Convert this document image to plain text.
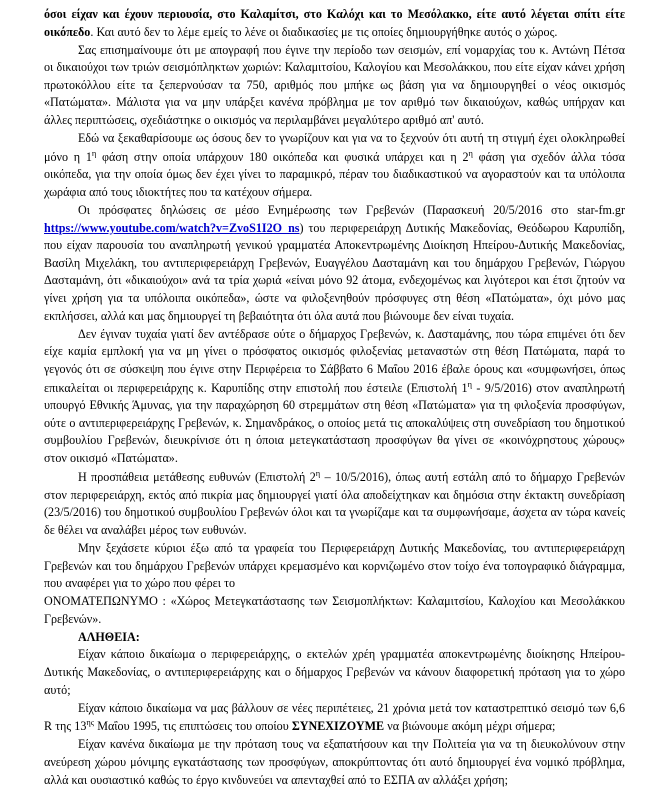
όσοι είχαν και έχουν περιουσία, στο Καλαμίτσι, στο Καλόχι και το Μεσόλακκο, είτε αυτό λέγεται σπίτι είτε οικόπεδο. Και αυτό δεν το λέμε εμείς το λένε οι διαδικασίες με τις οποίες δημιουργήθηκε αυτός ο χώρος.

Σας επισημαίνουμε ότι με απογραφή που έγινε την περίοδο των σεισμών, επί νομαρχίας του κ. Αντώνη Πέτσα οι δικαιούχοι των τριών σεισμόπληκτων χωριών: Καλαμιτσίου, Καλογίου και Μεσολάκκου, που είτε είχαν κάνει χρήση πρωτοκόλλου είτε τα ξεπερνούσαν τα 750, αριθμός που μπήκε ως βάση για να δημιουργηθεί ο νέος οικισμός «Πατώματα». Μάλιστα για να μην υπάρξει κανένα πρόβλημα με τον αριθμό των δικαιούχων, καθώς υπήρχαν και άλλες περιπτώσεις, σχεδιάστηκε ο οικισμός να περιλαμβάνει μεγαλύτερο αριθμό απ' αυτό.

Εδώ να ξεκαθαρίσουμε ως όσους δεν το γνωρίζουν και για να το ξεχνούν ότι αυτή τη στιγμή έχει ολοκληρωθεί μόνο η $1^\eta$ φάση στην οποία υπάρχουν 180 οικόπεδα και φυσικά υπάρχει και η $2^\eta$ φάση για σχεδόν άλλα τόσα οικόπεδα, για την οποία όμως δεν έχει γίνει το παραμικρό, πέραν του διαδικαστικού να αγοραστούν και τα υπόλοιπα χωράφια από τους ιδιοκτήτες που τα κατέχουν σήμερα.

Οι πρόσφατες δηλώσεις σε μέσο Ενημέρωσης των Γρεβενών (Παρασκευή 20/5/2016 στο star-fm.gr https://www.youtube.com/watch?v=ZvoS1I2O_ns) του περιφερειάρχη Δυτικής Μακεδονίας, Θεόδωρου Καρυπίδη, που είχαν παρουσία του αναπληρωτή γενικού γραμματέα Αποκεντρωμένης Διοίκηση Ηπείρου-Δυτικής Μακεδονίας, Βασίλη Μιχελάκη, του αντιπεριφερειάρχη Γρεβενών, Ευαγγέλου Δασταμάνη και του δημάρχου Γρεβενών, Γιώργου Δασταμάνη, ότι «δικαιούχοι» ανά τα τρία χωριά «είναι μόνο 92 άτομα, ενδεχομένως και λιγότεροι και έτσι ζητούν να γίνει χρήση για τα υπόλοιπα οικόπεδα», ώστε να φιλοξενηθούν πρόσφυγες στη θέση «Πατώματα», όχι μόνο μας εκπλήσσει, αλλά και μας δημιουργεί τη βεβαιότητα ότι όλα αυτά που βιώνουμε δεν είναι τυχαία.

Δεν έγιναν τυχαία γιατί δεν αντέδρασε ούτε ο δήμαρχος Γρεβενών, κ. Δασταμάνης, που τώρα επιμένει ότι δεν είχε καμία εμπλοκή για να μη γίνει ο πρόσφατος οικισμός φιλοξενίας μεταναστών στη θέση Πατώματα, παρά το γεγονός ότι σε σύσκεψη που έγινε στην Περιφέρεια το Σάββατο 6 Μαΐου 2016 έβαλε όρους και «συμφωνήσει, όπως επικαλείται οι περιφερειάρχης κ. Καρυπίδης στην επιστολή που έστειλε (Επιστολή $1^\eta - 9/5/2016$) στον αναπληρωτή υπουργό Εθνικής Άμυνας, για την παραχώρηση 60 στρεμμάτων στη θέση «Πατώματα» για τη φιλοξενία προσφύγων, ούτε ο αντιπεριφερειάρχης Γρεβενών, κ. Σημανδράκος, ο οποίος μετά τις αποκαλύψεις στη συνεδρίαση του δημοτικού συμβουλίου Γρεβενών, διευκρίνισε ότι η όποια μετεγκατάσταση προσφύγων θα γίνει σε «κοινόχρηστους χώρους» στον οικισμό «Πατώματα».

Η προσπάθεια μετάθεσης ευθυνών (Επιστολή $2^\eta - 10/5/2016$), όπως αυτή εστάλη από το δήμαρχο Γρεβενών στον περιφερειάρχη, εκτός από πικρία μας δημιουργεί γιατί όλα αποδείχτηκαν και δημόσια στην έκτακτη συνεδρίαση (23/5/2016) του δημοτικού συμβουλίου Γρεβενών όλοι και τα γνωρίζαμε και τα συμφωνήσαμε, άσχετα αν τώρα κανείς δε θέλει να αναλάβει μέρος των ευθυνών.

Μην ξεχάσετε κύριοι έξω από τα γραφεία του Περιφερειάρχη Δυτικής Μακεδονίας, του αντιπεριφερειάρχη Γρεβενών και του δημάρχου Γρεβενών υπάρχει κρεμασμένο και κορνιζωμένο στον τοίχο ένα τοπογραφικό διάγραμμα, που αναφέρει για το χώρο που φέρει το

ΟΝΟΜΑΤΕΠΩΝΥΜΟ : «Χώρος Μετεγκατάστασης των Σεισμοπλήκτων: Καλαμιτσίου, Καλοχίου και Μεσολάκκου Γρεβενών».

ΑΛΗΘΕΙΑ:

Είχαν κάποιο δικαίωμα ο περιφερειάρχης, ο εκτελών χρέη γραμματέα αποκεντρωμένης διοίκησης Ηπείρου-Δυτικής Μακεδονίας, ο αντιπεριφερειάρχης και ο δήμαρχος Γρεβενών να κάνουν διαφορετική πρόταση για το χώρο αυτό;

Είχαν κάποιο δικαίωμα να μας βάλλουν σε νέες περιπέτειες, 21 χρόνια μετά τον καταστρεπτικό σεισμό των 6,6 R της $13^{\eta\varsigma}$ Μαΐου 1995, τις επιπτώσεις του οποίου ΣΥΝΕΧΙΖΟΥΜΕ να βιώνουμε ακόμη μέχρι σήμερα;

Είχαν κανένα δικαίωμα με την πρόταση τους να εξαπατήσουν και την Πολιτεία για να τη διευκολύνουν στην ανεύρεση χώρου μόνιμης εγκατάστασης των προσφύγων, αποκρύπτοντας ότι αυτό δημιουργεί ένα νομικό πρόβλημα, αλλά και ουσιαστικό καθώς το έργο κινδυνεύει να απενταχθεί από το ΕΣΠΑ αν αλλάξει χρήση;
